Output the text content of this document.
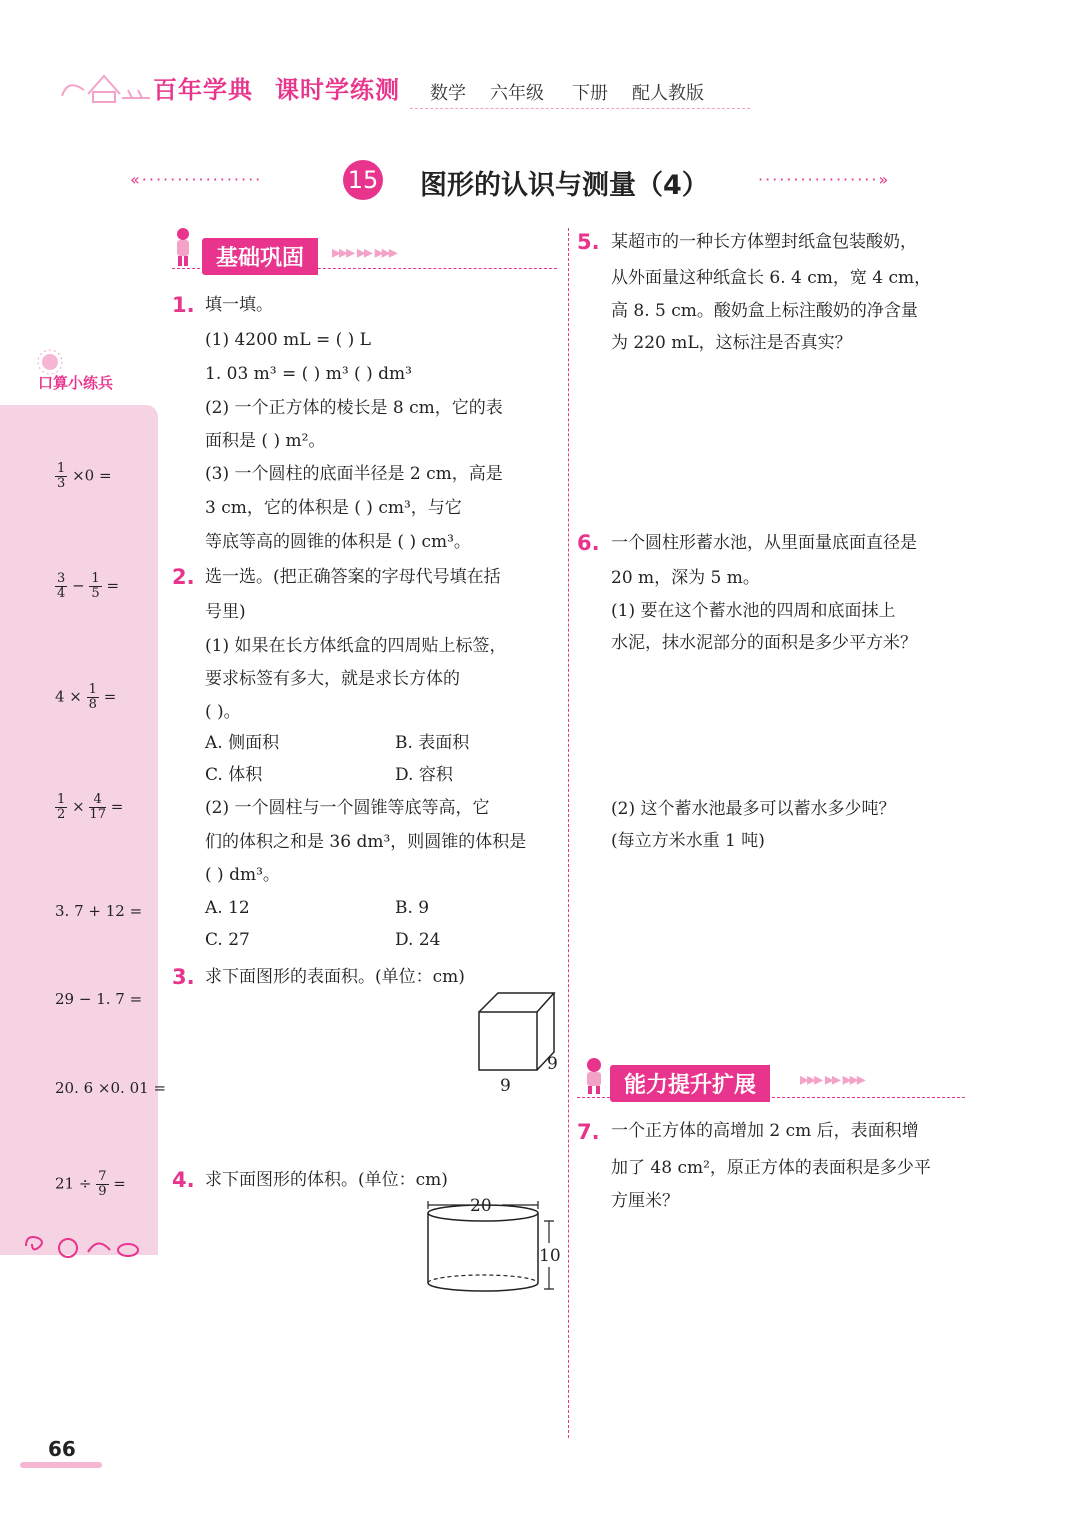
百年学典 课时学练测 数学 六年级 下册 配人教版
«·················	15 图形的认识与测量（4）	·················»
基础巩固	▸▸▸ ▸▸ ▸▸▸
口算小练兵
$\frac{1}{3} \times 0$ =
$\frac{3}{4} - \frac{1}{5}$ =
$4 \times \frac{1}{8}$ =
$\frac{1}{2} \times \frac{4}{17}$ =
3. 7 + 12 =
29 − 1. 7 =
20. 6 ×0. 01 =
$21 \div \frac{7}{9}$ =
1. 填一填。
(1) 4200 mL = ( ) L
1. 03 m³ = ( ) m³ ( ) dm³
(2) 一个正方体的棱长是 8 cm，它的表
面积是 ( ) m²。
(3) 一个圆柱的底面半径是 2 cm，高是
3 cm，它的体积是 ( ) cm³，与它
等底等高的圆锥的体积是 ( ) cm³。
2. 选一选。(把正确答案的字母代号填在括
号里)
(1) 如果在长方体纸盒的四周贴上标签，
要求标签有多大，就是求长方体的
( )。
A. 侧面积	B. 表面积
C. 体积	D. 容积
(2) 一个圆柱与一个圆锥等底等高，它
们的体积之和是 36 dm³，则圆锥的体积是
( ) dm³。
A. 12	B. 9
C. 27	D. 24
3. 求下面图形的表面积。(单位：cm)
9
9
4. 求下面图形的体积。(单位：cm)
20
10
5. 某超市的一种长方体塑封纸盒包装酸奶，
从外面量这种纸盒长 6. 4 cm，宽 4 cm，
高 8. 5 cm。酸奶盒上标注酸奶的净含量
为 220 mL，这标注是否真实？
6. 一个圆柱形蓄水池，从里面量底面直径是
20 m，深为 5 m。
(1) 要在这个蓄水池的四周和底面抹上
水泥，抹水泥部分的面积是多少平方米？
(2) 这个蓄水池最多可以蓄水多少吨？
(每立方米水重 1 吨)
能力提升扩展	▸▸▸ ▸▸ ▸▸▸
7. 一个正方体的高增加 2 cm 后，表面积增
加了 48 cm²，原正方体的表面积是多少平
方厘米？
66
